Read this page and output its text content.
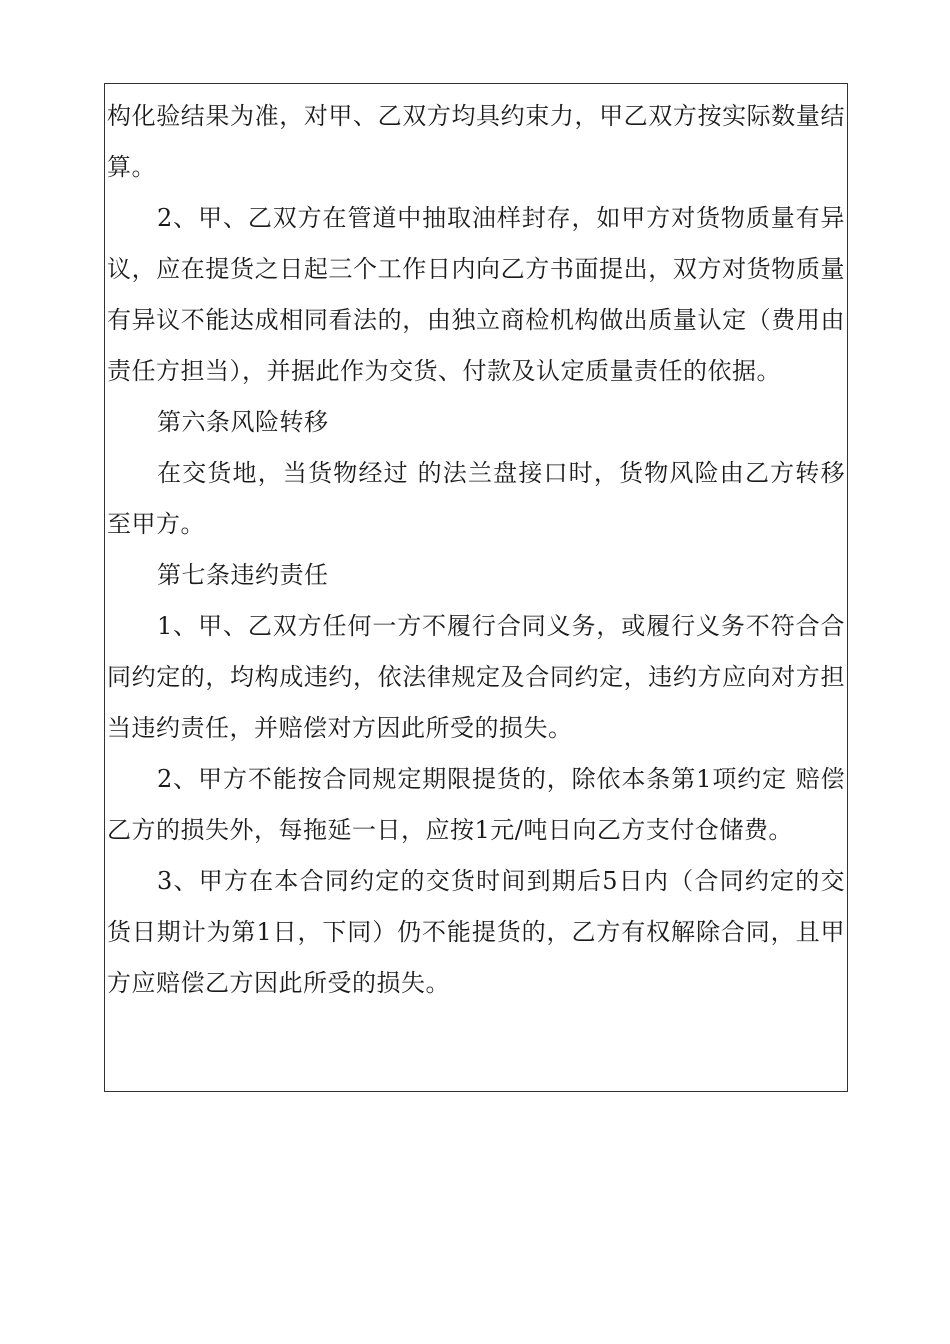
构化验结果为准，对甲、乙双方均具约束力，甲乙双方按实际数量结算。

2、甲、乙双方在管道中抽取油样封存，如甲方对货物质量有异议，应在提货之日起三个工作日内向乙方书面提出，双方对货物质量有异议不能达成相同看法的，由独立商检机构做出质量认定（费用由责任方担当），并据此作为交货、付款及认定质量责任的依据。

第六条风险转移

在交货地，当货物经过 的法兰盘接口时，货物风险由乙方转移至甲方。

第七条违约责任

1、甲、乙双方任何一方不履行合同义务，或履行义务不符合合同约定的，均构成违约，依法律规定及合同约定，违约方应向对方担当违约责任，并赔偿对方因此所受的损失。

2、甲方不能按合同规定期限提货的，除依本条第1项约定 赔偿乙方的损失外，每拖延一日，应按1元/吨日向乙方支付仓储费。

3、甲方在本合同约定的交货时间到期后5日内（合同约定的交货日期计为第1日，下同）仍不能提货的，乙方有权解除合同，且甲方应赔偿乙方因此所受的损失。
